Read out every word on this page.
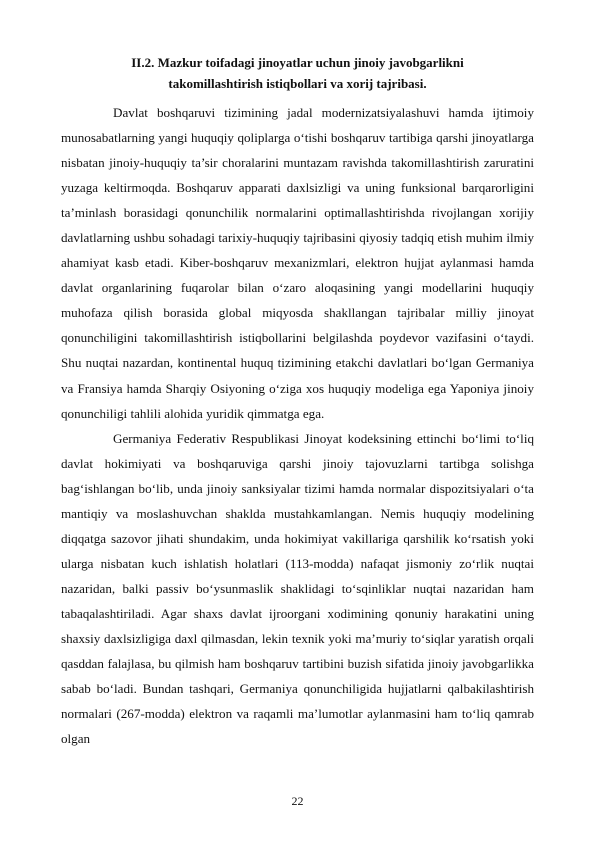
II.2. Mazkur toifadagi jinoyatlar uchun jinoiy javobgarlikni
takomillashtirish istiqbollari va xorij tajribasi.

Davlat boshqaruvi tizimining jadal modernizatsiyalashuvi hamda ijtimoiy munosabatlarning yangi huquqiy qoliplarga o‘tishi boshqaruv tartibiga qarshi jinoyatlarga nisbatan jinoiy-huquqiy ta’sir choralarini muntazam ravishda takomillashtirish zaruratini yuzaga keltirmoqda. Boshqaruv apparati daxlsizligi va uning funksional barqarorligini ta’minlash borasidagi qonunchilik normalarini optimallashtirishda rivojlangan xorijiy davlatlarning ushbu sohadagi tarixiy-huquqiy tajribasini qiyosiy tadqiq etish muhim ilmiy ahamiyat kasb etadi. Kiber-boshqaruv mexanizmlari, elektron hujjat aylanmasi hamda davlat organlarining fuqarolar bilan o‘zaro aloqasining yangi modellarini huquqiy muhofaza qilish borasida global miqyosda shakllangan tajribalar milliy jinoyat qonunchiligini takomillashtirish istiqbollarini belgilashda poydevor vazifasini o‘taydi. Shu nuqtai nazardan, kontinental huquq tizimining etakchi davlatlari bo‘lgan Germaniya va Fransiya hamda Sharqiy Osiyoning o‘ziga xos huquqiy modeliga ega Yaponiya jinoiy qonunchiligi tahlili alohida yuridik qimmatga ega.

Germaniya Federativ Respublikasi Jinoyat kodeksining ettinchi bo‘limi to‘liq davlat hokimiyati va boshqaruviga qarshi jinoiy tajovuzlarni tartibga solishga bag‘ishlangan bo‘lib, unda jinoiy sanksiyalar tizimi hamda normalar dispozitsiyalari o‘ta mantiqiy va moslashuvchan shaklda mustahkamlangan. Nemis huquqiy modelining diqqatga sazovor jihati shundakim, unda hokimiyat vakillariga qarshilik ko‘rsatish yoki ularga nisbatan kuch ishlatish holatlari (113-modda) nafaqat jismoniy zo‘rlik nuqtai nazaridan, balki passiv bo‘ysunmaslik shaklidagi to‘sqinliklar nuqtai nazaridan ham tabaqalashtiriladi. Agar shaxs davlat ijroorgani xodimining qonuniy harakatini uning shaxsiy daxlsizligiga daxl qilmasdan, lekin texnik yoki ma’muriy to‘siqlar yaratish orqali qasddan falajlasa, bu qilmish ham boshqaruv tartibini buzish sifatida jinoiy javobgarlikka sabab bo‘ladi. Bundan tashqari, Germaniya qonunchiligida hujjatlarni qalbakilashtirish normalari (267-modda) elektron va raqamli ma’lumotlar aylanmasini ham to‘liq qamrab olgan

22
